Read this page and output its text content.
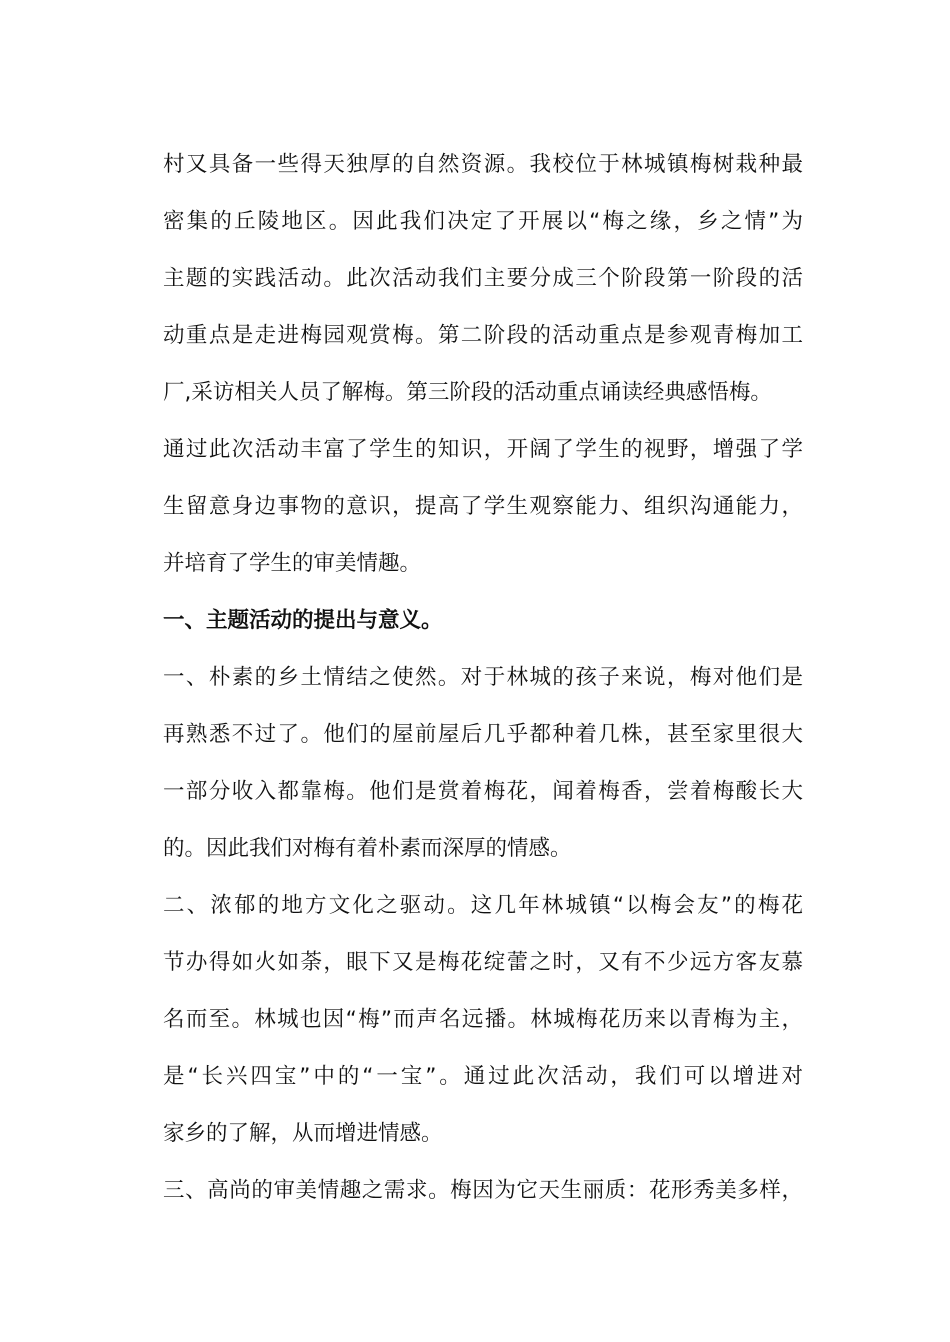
村又具备一些得天独厚的自然资源。我校位于林城镇梅树栽种最
密集的丘陵地区。因此我们决定了开展以“梅之缘，乡之情”为
主题的实践活动。此次活动我们主要分成三个阶段第一阶段的活
动重点是走进梅园观赏梅。第二阶段的活动重点是参观青梅加工
厂,采访相关人员了解梅。第三阶段的活动重点诵读经典感悟梅。
通过此次活动丰富了学生的知识，开阔了学生的视野，增强了学
生留意身边事物的意识，提高了学生观察能力、组织沟通能力，
并培育了学生的审美情趣。
一、主题活动的提出与意义。
一、朴素的乡土情结之使然。对于林城的孩子来说，梅对他们是
再熟悉不过了。他们的屋前屋后几乎都种着几株，甚至家里很大
一部分收入都靠梅。他们是赏着梅花，闻着梅香，尝着梅酸长大
的。因此我们对梅有着朴素而深厚的情感。
二、浓郁的地方文化之驱动。这几年林城镇“以梅会友”的梅花
节办得如火如荼，眼下又是梅花绽蕾之时，又有不少远方客友慕
名而至。林城也因“梅”而声名远播。林城梅花历来以青梅为主，
是“长兴四宝”中的“一宝”。通过此次活动，我们可以增进对
家乡的了解，从而增进情感。
三、高尚的审美情趣之需求。梅因为它天生丽质：花形秀美多样，
